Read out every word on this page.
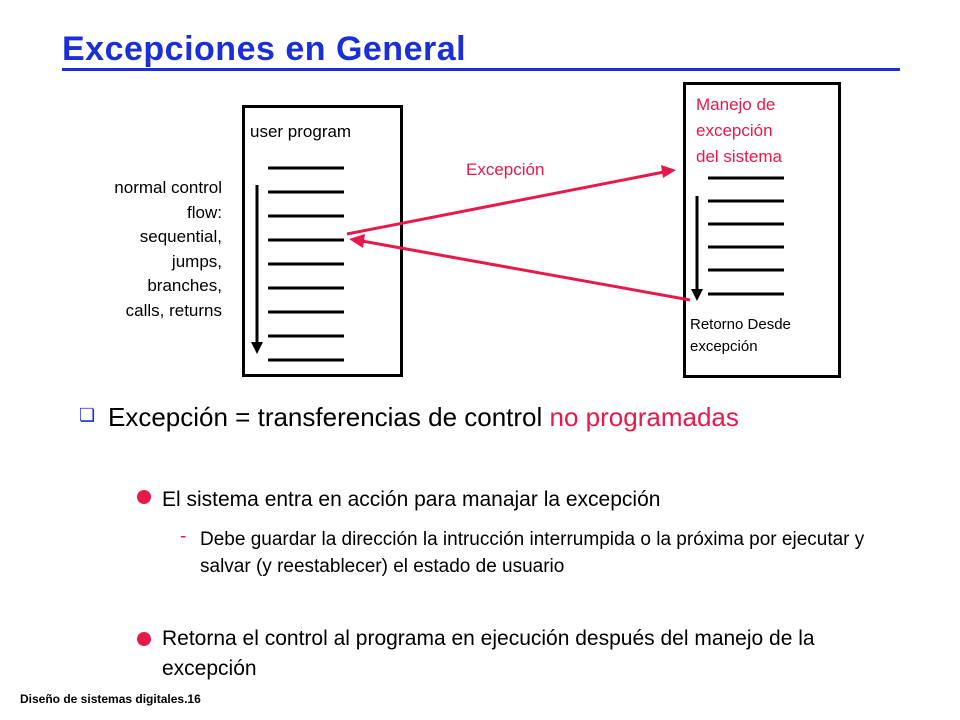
Excepciones en General
user program
normal control
flow:
sequential,
jumps,
branches,
calls, returns
Excepción
Manejo de
excepción
del sistema
Retorno Desde
excepción
❏ Excepción = transferencias de control no programadas
El sistema entra en acción para manajar la excepción
- Debe guardar la dirección la intrucción interrumpida o la próxima por ejecutar y salvar (y reestablecer) el estado de usuario
Retorna el control al programa en ejecución después del manejo de la excepción
Diseño de sistemas digitales.16
